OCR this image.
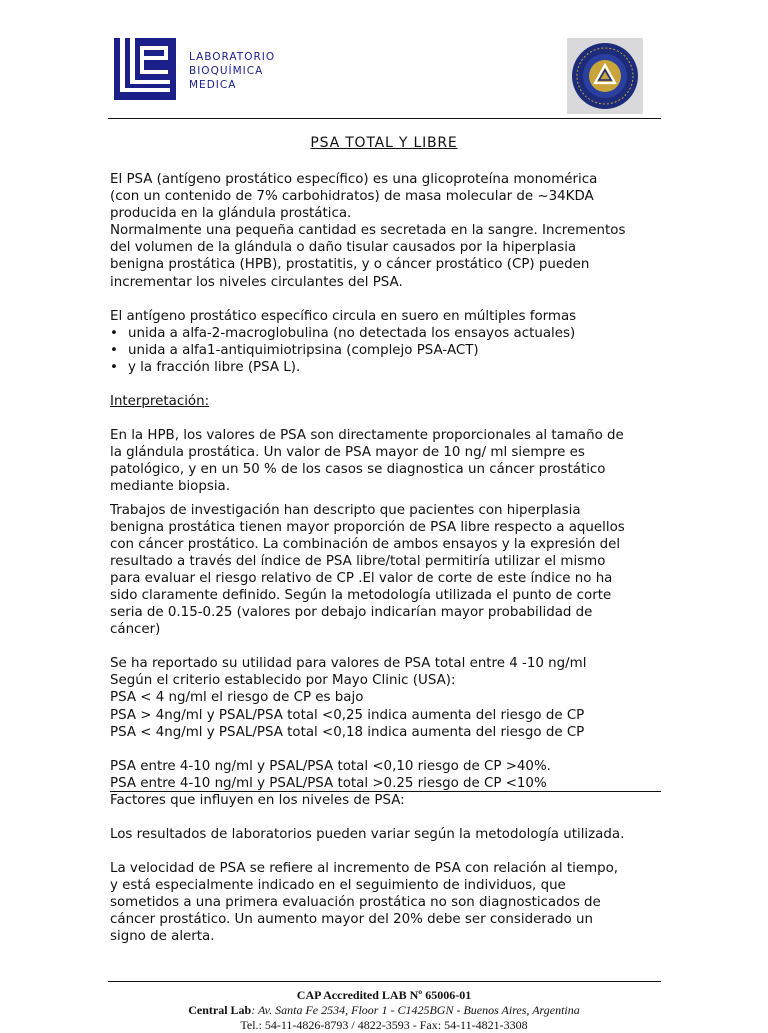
LABORATORIO
BIOQUÍMICA
MEDICA
PSA TOTAL Y LIBRE

El PSA (antígeno prostático específico) es una glicoproteína monomérica

(con un contenido de 7% carbohidratos) de masa molecular de ~34KDA

producida en la glándula prostática.

Normalmente una pequeña cantidad es secretada en la sangre. Incrementos

del volumen de la glándula o daño tisular causados por la hiperplasia

benigna prostática (HPB), prostatitis, y o cáncer prostático (CP) pueden

incrementar los niveles circulantes del PSA.

El antígeno prostático específico circula en suero en múltiples formas

• unida a alfa-2-macroglobulina (no detectada los ensayos actuales)
• unida a alfa1-antiquimiotripsina (complejo PSA-ACT)
• y la fracción libre (PSA L).

Interpretación:

En la HPB, los valores de PSA son directamente proporcionales al tamaño de

la glándula prostática. Un valor de PSA mayor de 10 ng/ ml siempre es

patológico, y en un 50 % de los casos se diagnostica un cáncer prostático

mediante biopsia.

Trabajos de investigación han descripto que pacientes con hiperplasia

benigna prostática tienen mayor proporción de PSA libre respecto a aquellos

con cáncer prostático. La combinación de ambos ensayos y la expresión del

resultado a través del índice de PSA libre/total permitiría utilizar el mismo

para evaluar el riesgo relativo de CP .El valor de corte de este índice no ha

sido claramente definido. Según la metodología utilizada el punto de corte

seria de 0.15-0.25 (valores por debajo indicarían mayor probabilidad de

cáncer)

Se ha reportado su utilidad para valores de PSA total entre 4 -10 ng/ml

Según el criterio establecido por Mayo Clinic (USA):

PSA < 4 ng/ml el riesgo de CP es bajo

PSA > 4ng/ml y PSAL/PSA total <0,25 indica aumenta del riesgo de CP

PSA < 4ng/ml y PSAL/PSA total <0,18 indica aumenta del riesgo de CP

PSA entre 4-10 ng/ml y PSAL/PSA total <0,10 riesgo de CP >40%.

PSA entre 4-10 ng/ml y PSAL/PSA total >0.25 riesgo de CP <10%

Factores que influyen en los niveles de PSA:

Los resultados de laboratorios pueden variar según la metodología utilizada.

La velocidad de PSA se refiere al incremento de PSA con relación al tiempo,

y está especialmente indicado en el seguimiento de individuos, que

sometidos a una primera evaluación prostática no son diagnosticados de

cáncer prostático. Un aumento mayor del 20% debe ser considerado un

signo de alerta.

CAP Accredited LAB Nº 65006-01
Central Lab: Av. Santa Fe 2534, Floor 1 - C1425BGN - Buenos Aires, Argentina
Tel.: 54-11-4826-8793 / 4822-3593 - Fax: 54-11-4821-3308
